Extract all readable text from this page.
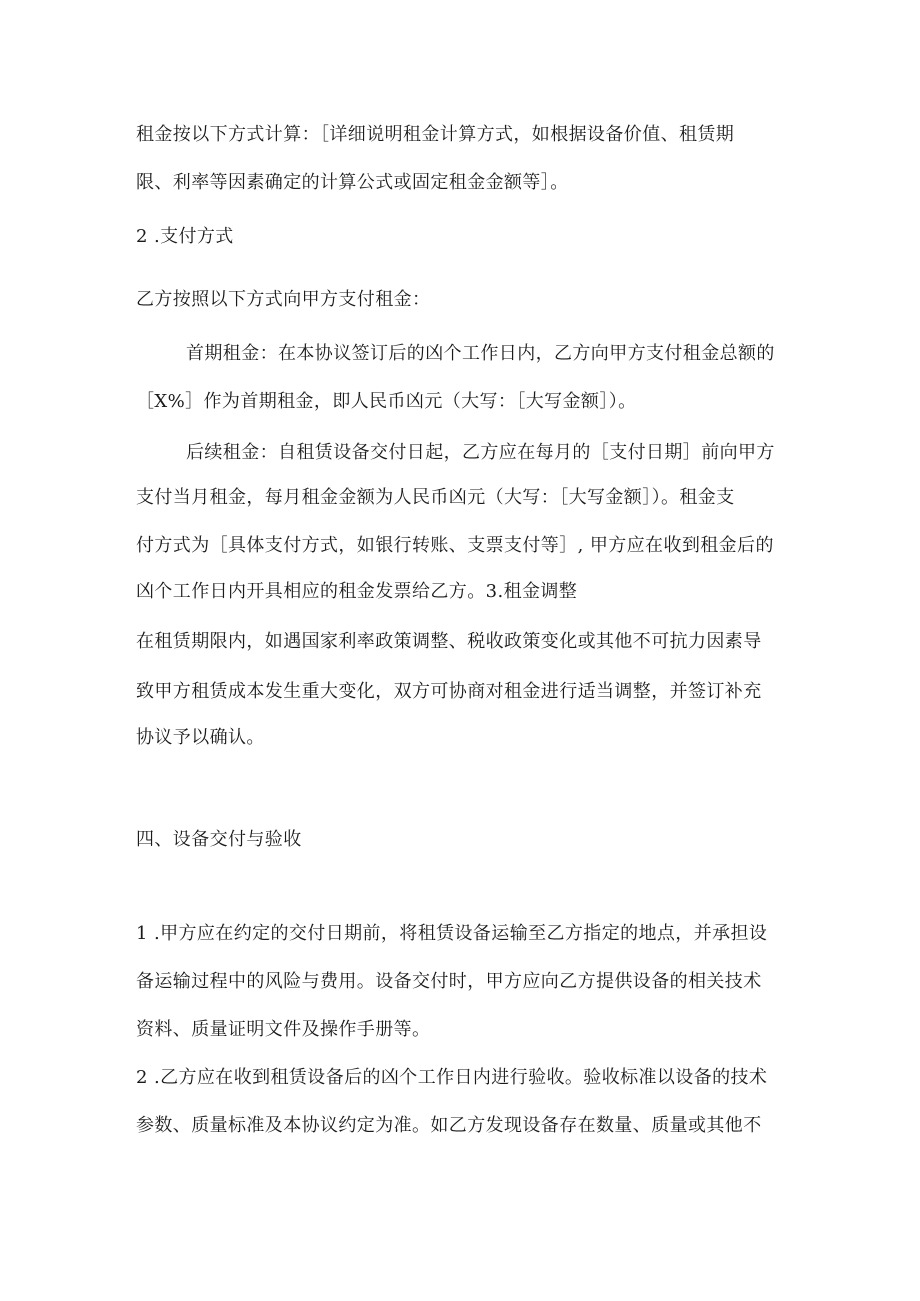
租金按以下方式计算：［详细说明租金计算方式，如根据设备价值、租赁期
限、利率等因素确定的计算公式或固定租金金额等］。
2 .支付方式
乙方按照以下方式向甲方支付租金：
首期租金：在本协议签订后的凶个工作日内，乙方向甲方支付租金总额的
［X%］作为首期租金，即人民币凶元（大写：［大写金额］）。
后续租金：自租赁设备交付日起，乙方应在每月的［支付日期］前向甲方
支付当月租金，每月租金金额为人民币凶元（大写：［大写金额］）。租金支
付方式为［具体支付方式，如银行转账、支票支付等］, 甲方应在收到租金后的
凶个工作日内开具相应的租金发票给乙方。3.租金调整
在租赁期限内，如遇国家利率政策调整、税收政策变化或其他不可抗力因素导
致甲方租赁成本发生重大变化，双方可协商对租金进行适当调整，并签订补充
协议予以确认。
四、设备交付与验收
1 .甲方应在约定的交付日期前，将租赁设备运输至乙方指定的地点，并承担设
备运输过程中的风险与费用。设备交付时，甲方应向乙方提供设备的相关技术
资料、质量证明文件及操作手册等。
2 .乙方应在收到租赁设备后的凶个工作日内进行验收。验收标准以设备的技术
参数、质量标准及本协议约定为准。如乙方发现设备存在数量、质量或其他不
